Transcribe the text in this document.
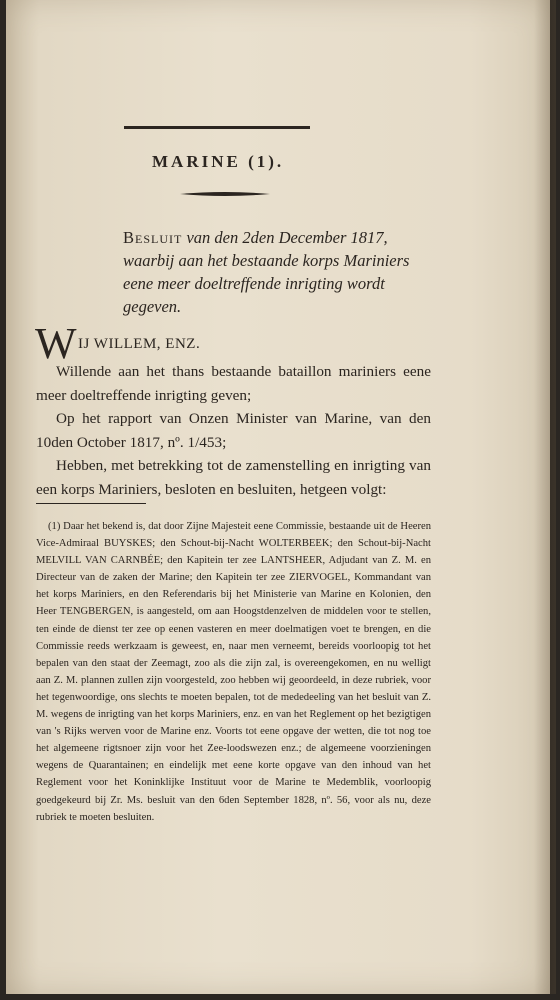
MARINE (1).

Besluit van den 2den December 1817, waarbij aan het bestaande korps Mariniers eene meer doeltreffende inrigting wordt gegeven.

W IJ WILLEM, ENZ.

Willende aan het thans bestaande bataillon mariniers eene meer doeltreffende inrigting geven;

Op het rapport van Onzen Minister van Marine, van den 10den October 1817, nº. 1/453;

Hebben, met betrekking tot de zamenstelling en inrigting van een korps Mariniers, besloten en besluiten, hetgeen volgt:

(1) Daar het bekend is, dat door Zijne Majesteit eene Commissie, bestaande uit de Heeren Vice-Admiraal BUYSKES; den Schout-bij-Nacht WOLTERBEEK; den Schout-bij-Nacht MELVILL VAN CARNBÉE; den Kapitein ter zee LANTSHEER, Adjudant van Z. M. en Directeur van de zaken der Marine; den Kapitein ter zee ZIERVOGEL, Kommandant van het korps Mariniers, en den Referendaris bij het Ministerie van Marine en Kolonien, den Heer TENGBERGEN, is aangesteld, om aan Hoogstdenzelven de middelen voor te stellen, ten einde de dienst ter zee op eenen vasteren en meer doelmatigen voet te brengen, en die Commissie reeds werkzaam is geweest, en, naar men verneemt, bereids voorloopig tot het bepalen van den staat der Zeemagt, zoo als die zijn zal, is overeengekomen, en nu welligt aan Z. M. plannen zullen zijn voorgesteld, zoo hebben wij geoordeeld, in deze rubriek, voor het tegenwoordige, ons slechts te moeten bepalen, tot de mededeeling van het besluit van Z. M. wegens de inrigting van het korps Mariniers, enz. en van het Reglement op het bezigtigen van 's Rijks werven voor de Marine enz. Voorts tot eene opgave der wetten, die tot nog toe het algemeene rigtsnoer zijn voor het Zee-loodswezen enz.; de algemeene voorzieningen wegens de Quarantainen; en eindelijk met eene korte opgave van den inhoud van het Reglement voor het Koninklijke Instituut voor de Marine te Medemblik, voorloopig goedgekeurd bij Zr. Ms. besluit van den 6den September 1828, nº. 56, voor als nu, deze rubriek te moeten besluiten.
